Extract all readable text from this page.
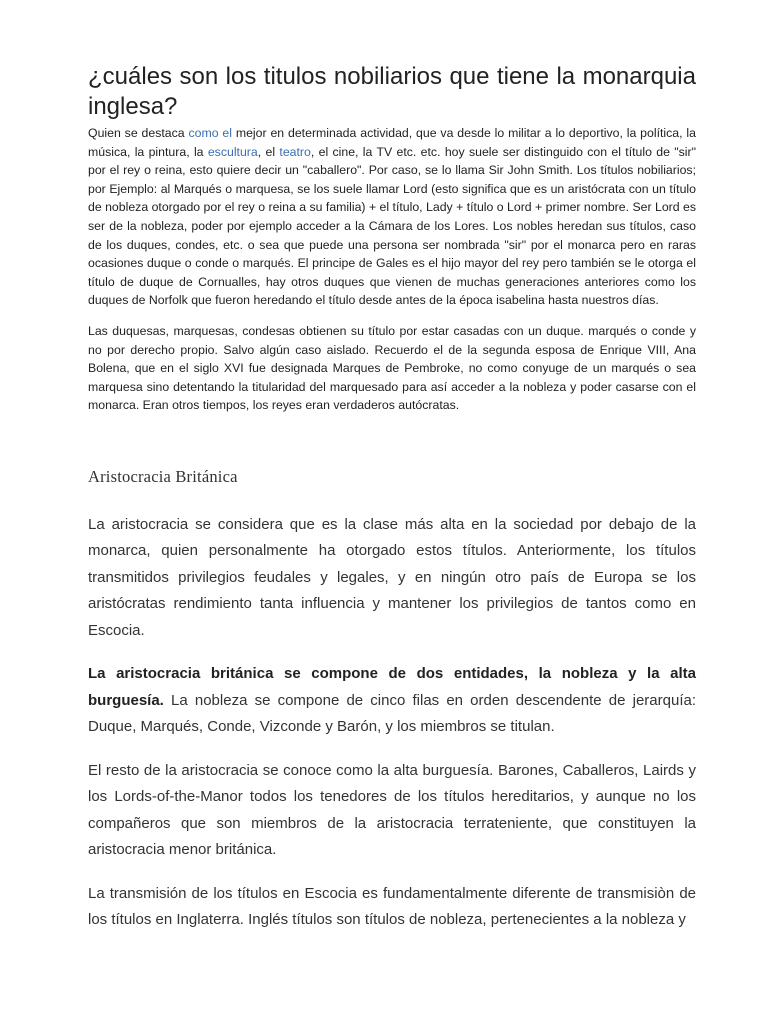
¿cuáles son los titulos nobiliarios que tiene la monarquia inglesa?

Quien se destaca como el mejor en determinada actividad, que va desde lo militar a lo deportivo, la política, la música, la pintura, la escultura, el teatro, el cine, la TV etc. etc. hoy suele ser distinguido con el título de "sir" por el rey o reina, esto quiere decir un "caballero". Por caso, se lo llama Sir John Smith. Los títulos nobiliarios; por Ejemplo: al Marqués o marquesa, se los suele llamar Lord (esto significa que es un aristócrata con un título de nobleza otorgado por el rey o reina a su familia) + el título, Lady + título o Lord + primer nombre. Ser Lord es ser de la nobleza, poder por ejemplo acceder a la Cámara de los Lores. Los nobles heredan sus títulos, caso de los duques, condes, etc. o sea que puede una persona ser nombrada "sir" por el monarca pero en raras ocasiones duque o conde o marqués. El principe de Gales es el hijo mayor del rey pero también se le otorga el título de duque de Cornualles, hay otros duques que vienen de muchas generaciones anteriores como los duques de Norfolk que fueron heredando el título desde antes de la época isabelina hasta nuestros días.

Las duquesas, marquesas, condesas obtienen su título por estar casadas con un duque. marqués o conde y no por derecho propio. Salvo algún caso aislado. Recuerdo el de la segunda esposa de Enrique VIII, Ana Bolena, que en el siglo XVI fue designada Marques de Pembroke, no como conyuge de un marqués o sea marquesa sino detentando la titularidad del marquesado para así acceder a la nobleza y poder casarse con el monarca. Eran otros tiempos, los reyes eran verdaderos autócratas.

Aristocracia Británica

La aristocracia se considera que es la clase más alta en la sociedad por debajo de la monarca, quien personalmente ha otorgado estos títulos. Anteriormente, los títulos transmitidos privilegios feudales y legales, y en ningún otro país de Europa se los aristócratas rendimiento tanta influencia y mantener los privilegios de tantos como en Escocia.

La aristocracia británica se compone de dos entidades, la nobleza y la alta burguesía. La nobleza se compone de cinco filas en orden descendente de jerarquía: Duque, Marqués, Conde, Vizconde y Barón, y los miembros se titulan.

El resto de la aristocracia se conoce como la alta burguesía. Barones, Caballeros, Lairds y los Lords-of-the-Manor todos los tenedores de los títulos hereditarios, y aunque no los compañeros que son miembros de la aristocracia terrateniente, que constituyen la aristocracia menor británica.

La transmisión de los títulos en Escocia es fundamentalmente diferente de transmisiòn de los títulos en Inglaterra. Inglés títulos son títulos de nobleza, pertenecientes a la nobleza y
